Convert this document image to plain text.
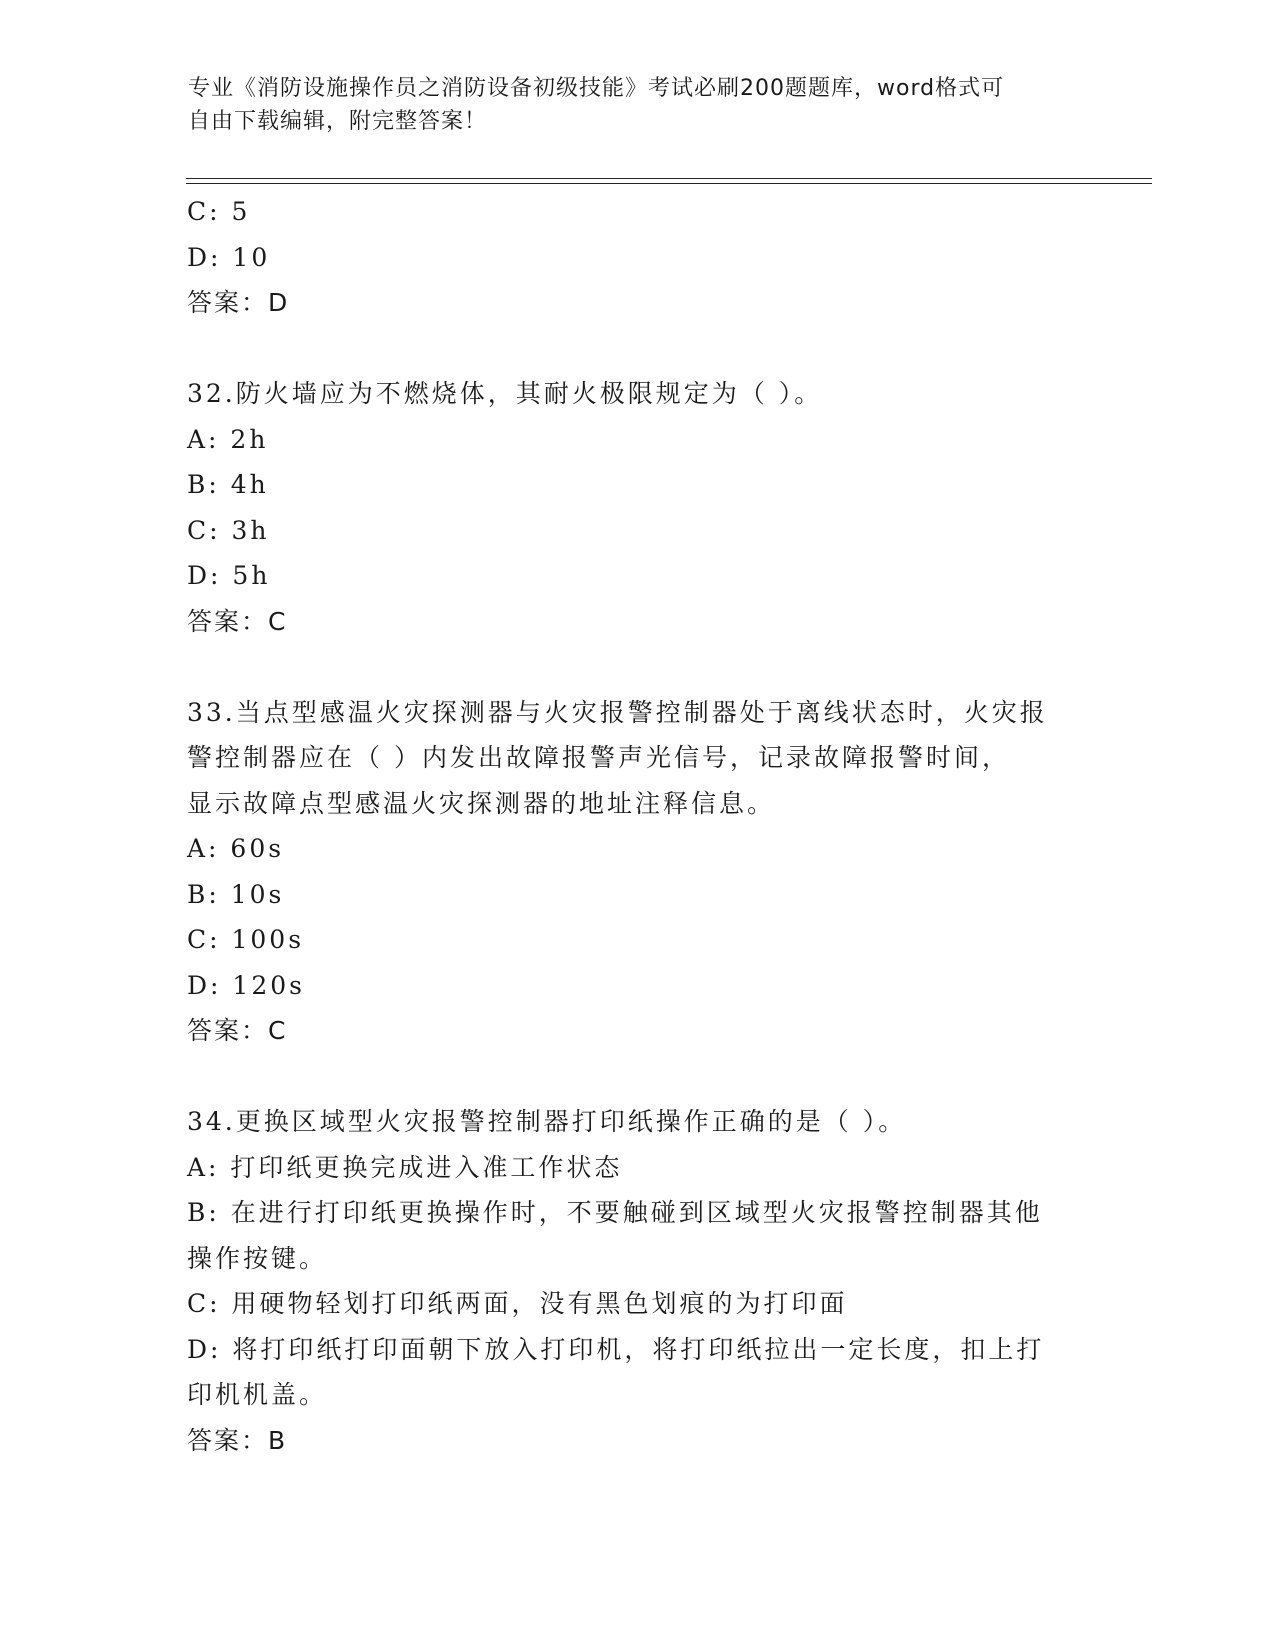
专业《消防设施操作员之消防设备初级技能》考试必刷200题题库，word格式可
自由下载编辑，附完整答案！
C: 5
D: 10
答案：D
32.防火墙应为不燃烧体，其耐火极限规定为（ ）。
A: 2h
B: 4h
C: 3h
D: 5h
答案：C
33.当点型感温火灾探测器与火灾报警控制器处于离线状态时，火灾报
警控制器应在（ ）内发出故障报警声光信号，记录故障报警时间，
显示故障点型感温火灾探测器的地址注释信息。
A: 60s
B: 10s
C: 100s
D: 120s
答案：C
34.更换区域型火灾报警控制器打印纸操作正确的是（ ）。
A: 打印纸更换完成进入准工作状态
B: 在进行打印纸更换操作时，不要触碰到区域型火灾报警控制器其他
操作按键。
C: 用硬物轻划打印纸两面，没有黑色划痕的为打印面
D: 将打印纸打印面朝下放入打印机，将打印纸拉出一定长度，扣上打
印机机盖。
答案：B
